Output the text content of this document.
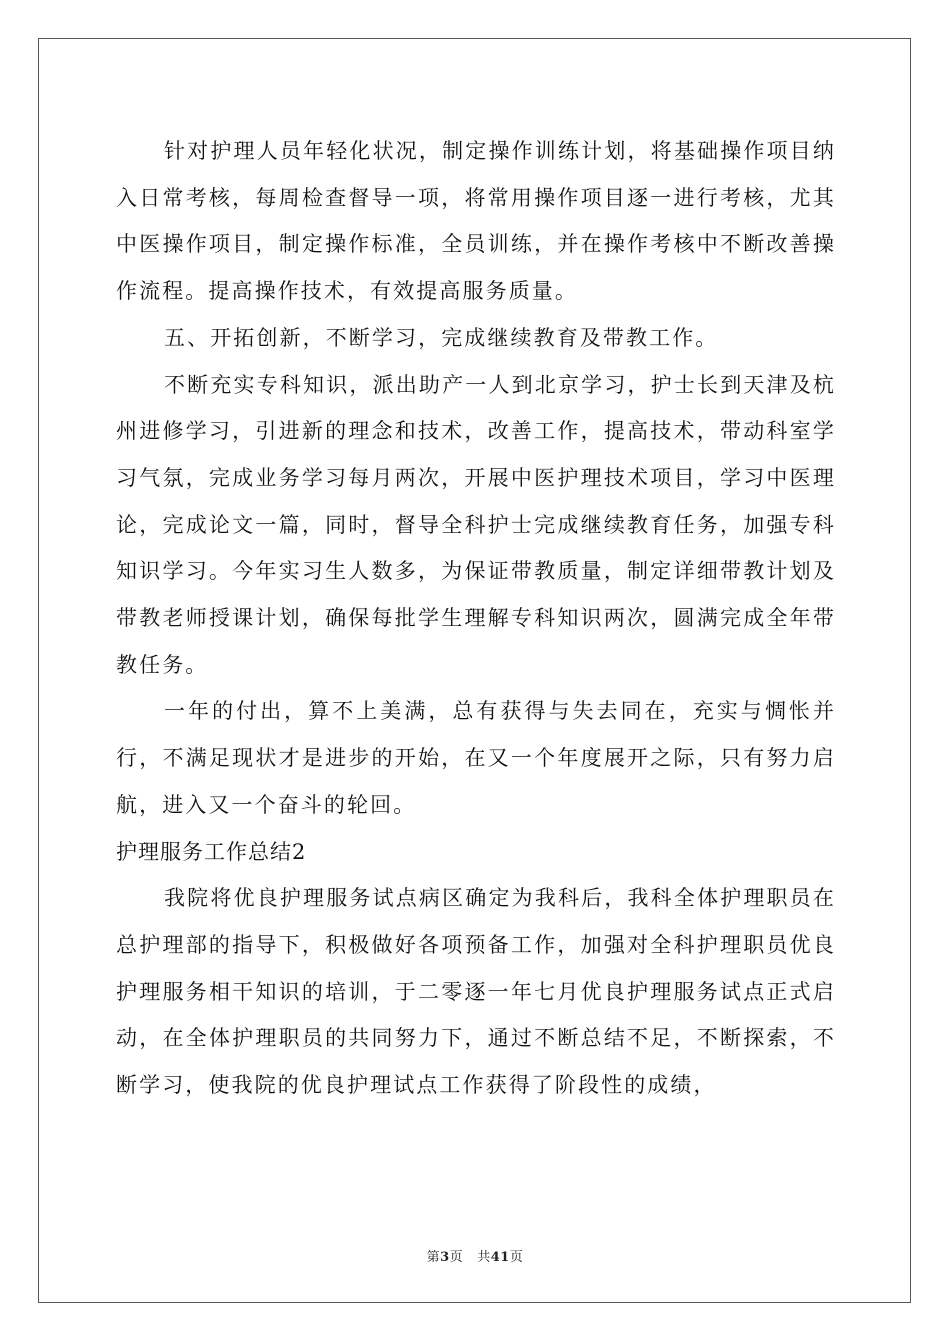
针对护理人员年轻化状况，制定操作训练计划，将基础操作项目纳入日常考核，每周检查督导一项，将常用操作项目逐一进行考核，尤其中医操作项目，制定操作标准，全员训练，并在操作考核中不断改善操作流程。提高操作技术，有效提高服务质量。

五、开拓创新，不断学习，完成继续教育及带教工作。

不断充实专科知识，派出助产一人到北京学习，护士长到天津及杭州进修学习，引进新的理念和技术，改善工作，提高技术，带动科室学习气氛，完成业务学习每月两次，开展中医护理技术项目，学习中医理论，完成论文一篇，同时，督导全科护士完成继续教育任务，加强专科知识学习。今年实习生人数多，为保证带教质量，制定详细带教计划及带教老师授课计划，确保每批学生理解专科知识两次，圆满完成全年带教任务。

一年的付出，算不上美满，总有获得与失去同在，充实与惆怅并行，不满足现状才是进步的开始，在又一个年度展开之际，只有努力启航，进入又一个奋斗的轮回。

护理服务工作总结2

我院将优良护理服务试点病区确定为我科后，我科全体护理职员在总护理部的指导下，积极做好各项预备工作，加强对全科护理职员优良护理服务相干知识的培训，于二零逐一年七月优良护理服务试点正式启动，在全体护理职员的共同努力下，通过不断总结不足，不断探索，不断学习，使我院的优良护理试点工作获得了阶段性的成绩，

第3页 共41页
